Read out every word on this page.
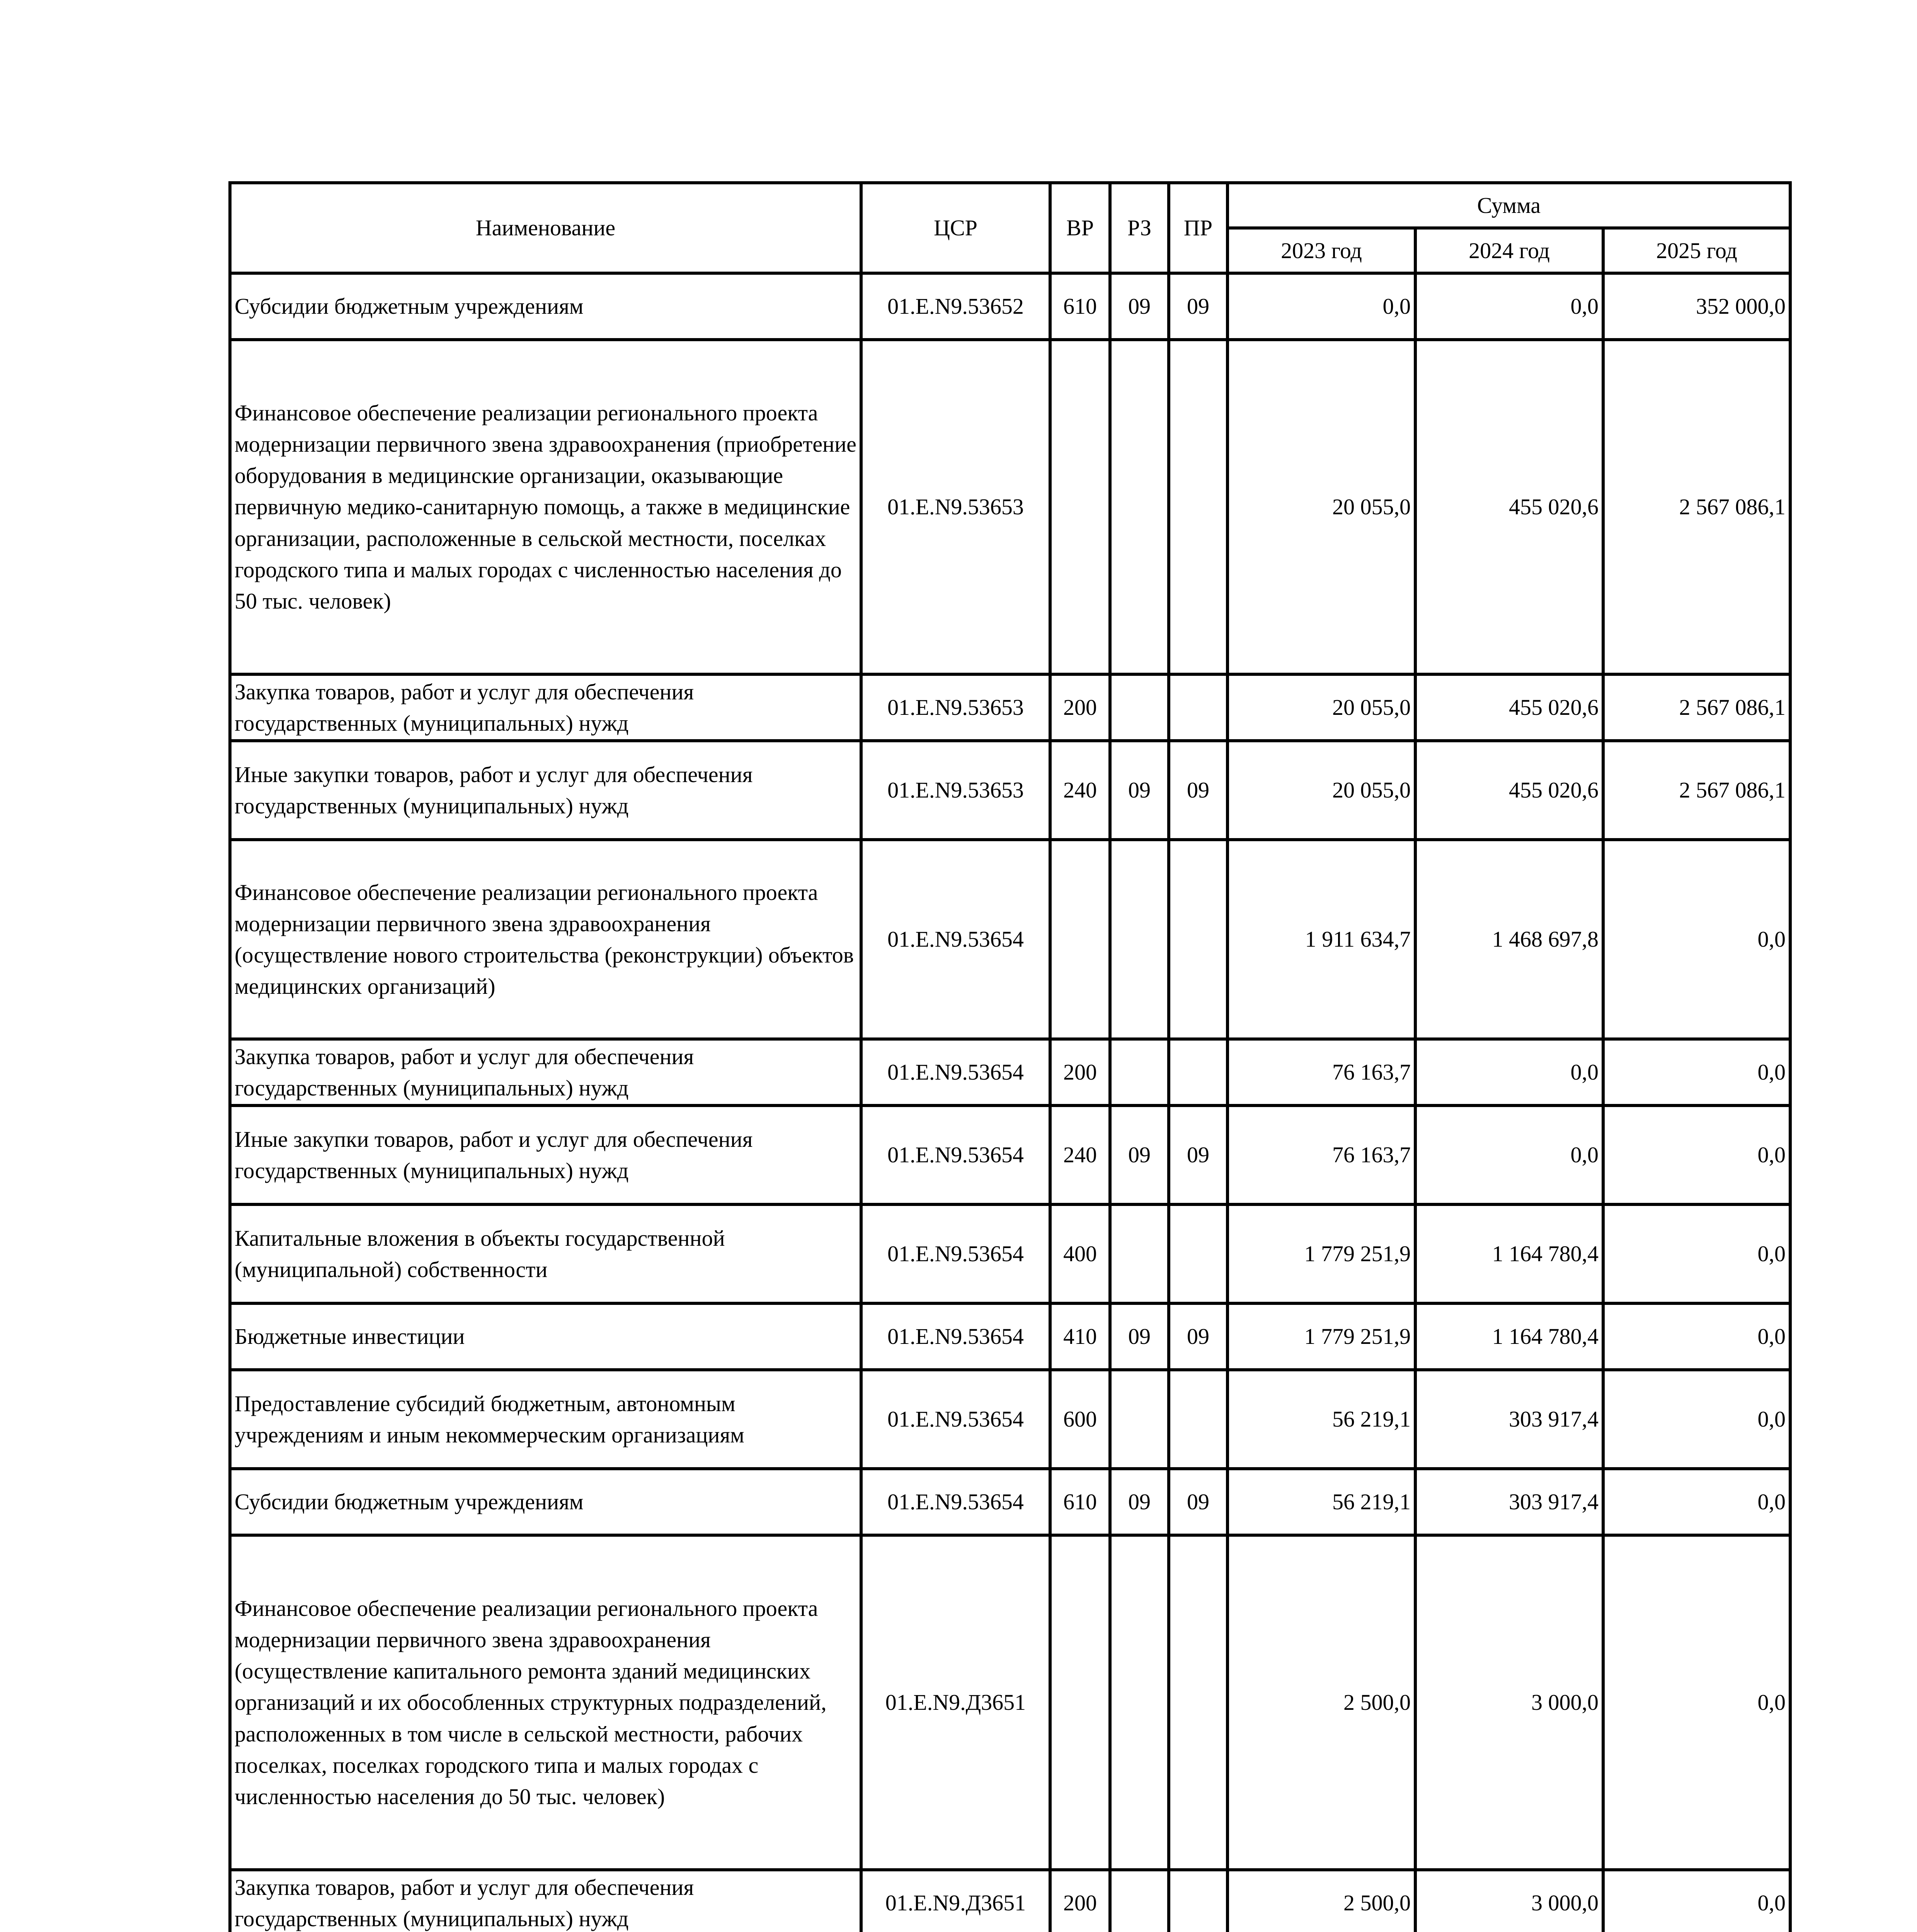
Наименование	ЦСР	ВР	РЗ	ПР	Сумма		
					2023 год	2024 год	2025 год
Субсидии бюджетным учреждениям	01.Е.N9.53652	610	09	09	0,0	0,0	352 000,0
Финансовое обеспечение реализации регионального проекта модернизации первичного звена здравоохранения (приобретение оборудования в медицинские организации, оказывающие первичную медико-санитарную помощь, а также в медицинские организации, расположенные в сельской местности, поселках городского типа и малых городах с численностью населения до 50 тыс. человек)	01.Е.N9.53653				20 055,0	455 020,6	2 567 086,1
Закупка товаров, работ и услуг для обеспечения государственных (муниципальных) нужд	01.Е.N9.53653	200			20 055,0	455 020,6	2 567 086,1
Иные закупки товаров, работ и услуг для обеспечения государственных (муниципальных) нужд	01.Е.N9.53653	240	09	09	20 055,0	455 020,6	2 567 086,1
Финансовое обеспечение реализации регионального проекта модернизации первичного звена здравоохранения (осуществление нового строительства (реконструкции) объектов медицинских организаций)	01.Е.N9.53654				1 911 634,7	1 468 697,8	0,0
Закупка товаров, работ и услуг для обеспечения государственных (муниципальных) нужд	01.Е.N9.53654	200			76 163,7	0,0	0,0
Иные закупки товаров, работ и услуг для обеспечения государственных (муниципальных) нужд	01.Е.N9.53654	240	09	09	76 163,7	0,0	0,0
Капитальные вложения в объекты государственной (муниципальной) собственности	01.Е.N9.53654	400			1 779 251,9	1 164 780,4	0,0
Бюджетные инвестиции	01.Е.N9.53654	410	09	09	1 779 251,9	1 164 780,4	0,0
Предоставление субсидий бюджетным, автономным учреждениям и иным некоммерческим организациям	01.Е.N9.53654	600			56 219,1	303 917,4	0,0
Субсидии бюджетным учреждениям	01.Е.N9.53654	610	09	09	56 219,1	303 917,4	0,0
Финансовое обеспечение реализации регионального проекта модернизации первичного звена здравоохранения (осуществление капитального ремонта зданий медицинских организаций и их обособленных структурных подразделений, расположенных в том числе в сельской местности, рабочих поселках, поселках городского типа и малых городах с численностью населения до 50 тыс. человек)	01.Е.N9.Д3651				2 500,0	3 000,0	0,0
Закупка товаров, работ и услуг для обеспечения государственных (муниципальных) нужд	01.Е.N9.Д3651	200			2 500,0	3 000,0	0,0
